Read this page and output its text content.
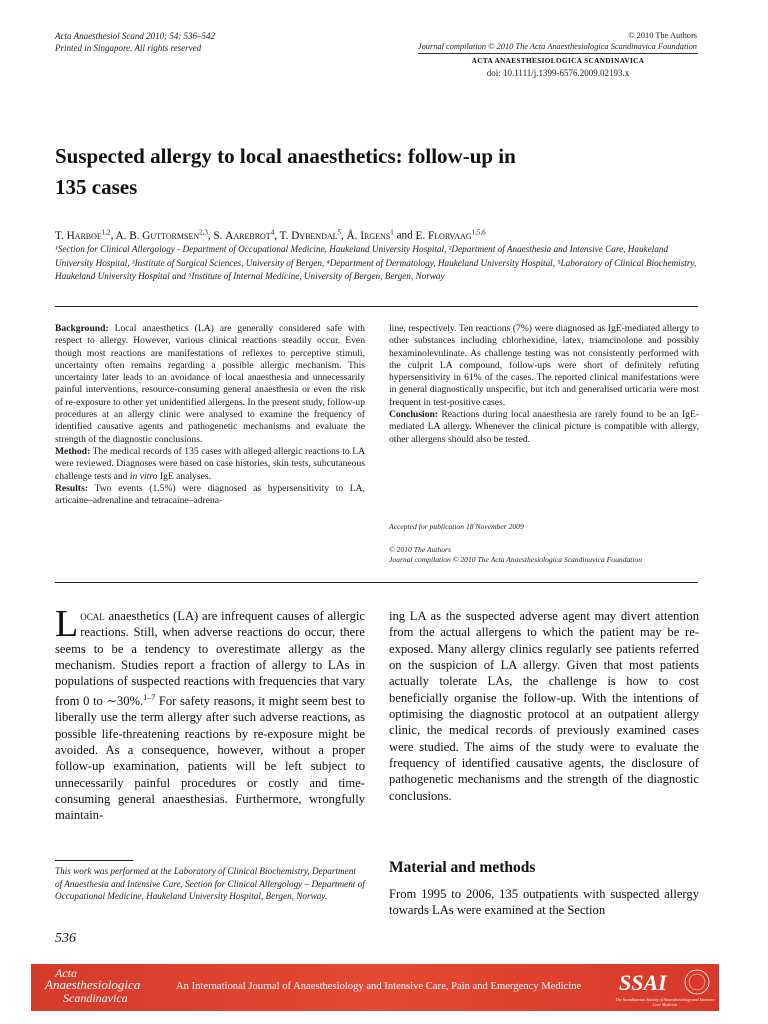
Acta Anaesthesiol Scand 2010; 54: 536–542
Printed in Singapore. All rights reserved
© 2010 The Authors
Journal compilation © 2010 The Acta Anaesthesiologica Scandinavica Foundation
ACTA ANAESTHESIOLOGICA SCANDINAVICA
doi: 10.1111/j.1399-6576.2009.02193.x
Suspected allergy to local anaesthetics: follow-up in
135 cases
T. Harboe$^{1,2}$, A. B. Guttormsen$^{2,3}$, S. Aarebrot$^4$, T. Dybendal$^5$, Å. Irgens$^1$ and E. Florvaag$^{1,5,6}$
¹Section for Clinical Allergology - Department of Occupational Medicine, Haukeland University Hospital, ²Department of Anaesthesia and Intensive Care, Haukeland University Hospital, ³Institute of Surgical Sciences, University of Bergen, ⁴Department of Dermatology, Haukeland University Hospital, ⁵Laboratory of Clinical Biochemistry, Haukeland University Hospital and ⁶Institute of Internal Medicine, University of Bergen, Bergen, Norway
Background: Local anaesthetics (LA) are generally considered safe with respect to allergy. However, various clinical reactions steadily occur. Even though most reactions are manifestations of reflexes to perceptive stimuli, uncertainty often remains regarding a possible allergic mechanism. This uncertainty later leads to an avoidance of local anaesthesia and unnecessarily painful interventions, resource-consuming general anaesthesia or even the risk of re-exposure to other yet unidentified allergens. In the present study, follow-up procedures at an allergy clinic were analysed to examine the frequency of identified causative agents and pathogenetic mechanisms and evaluate the strength of the diagnostic conclusions.
Method: The medical records of 135 cases with alleged allergic reactions to LA were reviewed. Diagnoses were based on case histories, skin tests, subcutaneous challenge tests and in vitro IgE analyses.
Results: Two events (1.5%) were diagnosed as hypersensitivity to LA, articaine–adrenaline and tetracaine–adrena-
line, respectively. Ten reactions (7%) were diagnosed as IgE-mediated allergy to other substances including chlorhexidine, latex, triamcinolone and possibly hexaminolevulinate. As challenge testing was not consistently performed with the culprit LA compound, follow-ups were short of definitely refuting hypersensitivity in 61% of the cases. The reported clinical manifestations were in general diagnostically unspecific, but itch and generalised urticaria were most frequent in test-positive cases.
Conclusion: Reactions during local anaesthesia are rarely found to be an IgE-mediated LA allergy. Whenever the clinical picture is compatible with allergy, other allergens should also be tested.
Accepted for publication 18 November 2009
© 2010 The Authors
Journal compilation © 2010 The Acta Anaesthesiologica Scandinavica Foundation
Local anaesthetics (LA) are infrequent causes of allergic reactions. Still, when adverse reactions do occur, there seems to be a tendency to overestimate allergy as the mechanism. Studies report a fraction of allergy to LAs in populations of suspected reactions with frequencies that vary from 0 to ∼30%.$^{1-7}$ For safety reasons, it might seem best to liberally use the term allergy after such adverse reactions, as possible life-threatening reactions by re-exposure might be avoided. As a consequence, however, without a proper follow-up examination, patients will be left subject to unnecessarily painful procedures or costly and time-consuming general anaesthesias. Furthermore, wrongfully maintain-
ing LA as the suspected adverse agent may divert attention from the actual allergens to which the patient may be re-exposed. Many allergy clinics regularly see patients referred on the suspicion of LA allergy. Given that most patients actually tolerate LAs, the challenge is how to cost beneficially organise the follow-up. With the intentions of optimising the diagnostic protocol at an outpatient allergy clinic, the medical records of previously examined cases were studied. The aims of the study were to evaluate the frequency of identified causative agents, the disclosure of pathogenetic mechanisms and the strength of the diagnostic conclusions.
Material and methods
From 1995 to 2006, 135 outpatients with suspected allergy towards LAs were examined at the Section
This work was performed at the Laboratory of Clinical Biochemistry, Department of Anaesthesia and Intensive Care, Section for Clinical Allergology – Department of Occupational Medicine, Haukeland University Hospital, Bergen, Norway.
536
Acta
Anaesthesiologica
Scandinavica
An International Journal of Anaesthesiology and Intensive Care, Pain and Emergency Medicine SSAI
The Scandinavian Society of Anaesthesiology and Intensive Care Medicine
